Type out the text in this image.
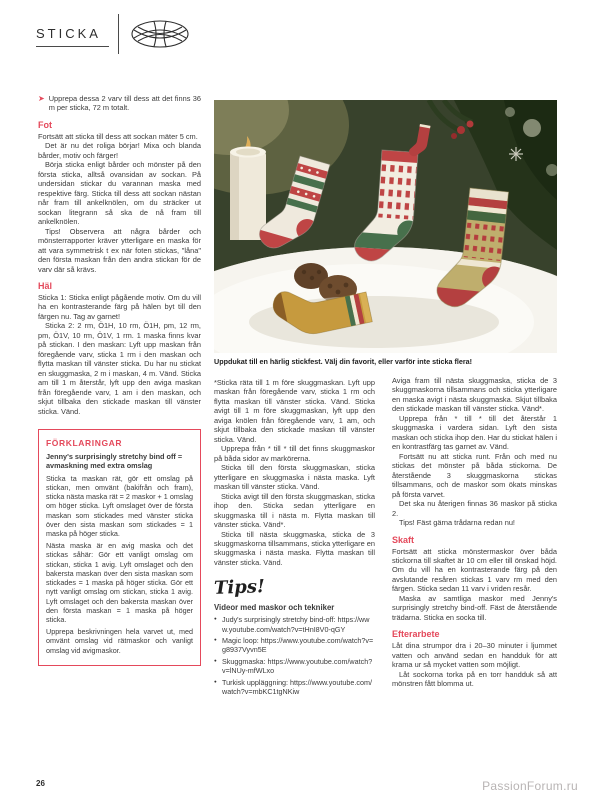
STICKA

➤ Upprepa dessa 2 varv till dess att det finns 36 m per sticka, 72 m totalt.

Fot

Fortsätt att sticka till dess att sockan mäter 5 cm.

Det är nu det roliga börjar! Mixa och blanda bårder, motiv och färger!

Börja sticka enligt bårder och mönster på den första sticka, alltså ovansidan av sockan. På undersidan stickar du varannan maska med respektive färg. Sticka till dess att sockan nästan når fram till ankelknölen, om du sträcker ut sockan litegrann så ska de nå fram till ankelknölen.

Tips! Observera att några bårder och mönsterrapporter kräver ytterligare en maska för att vara symmetrisk t ex när foten stickas, "låna" den första maskan från den andra stickan för de varv där så krävs.

Häl

Sticka 1: Sticka enligt pågående motiv. Om du vill ha en kontrasterande färg på hälen byt till den färgen nu. Tag av garnet!

Sticka 2: 2 rm, Ö1H, 10 rm, Ö1H, pm, 12 rm, pm, Ö1V, 10 rm, Ö1V, 1 rm. 1 maska finns kvar på stickan. I den maskan: Lyft upp maskan från föregående varv, sticka 1 rm i den maskan och flytta maskan till vänster sticka. Du har nu stickat en skuggmaska, 2 m i maskan, 4 m. Vänd. Sticka am till 1 m återstår, lyft upp den aviga maskan från föregående varv, 1 am i den maskan, och skjut tillbaka den stickade maskan till vänster sticka. Vänd.

FÖRKLARINGAR
Jenny's surprisingly stretchy bind off = avmaskning med extra omslag

Sticka ta maskan rät, gör ett omslag på stickan, men omvänt (bakifrån och fram), sticka nästa maska rät = 2 maskor + 1 omslag om höger sticka. Lyft omslaget över de första maskan som stickades med vänster sticka över den sista maskan som stickades = 1 maska på höger sticka.

Nästa maska är en avig maska och det stickas såhär: Gör ett vanligt omslag om stickan, sticka 1 avig. Lyft omslaget och den bakersta maskan över den sista maskan som stickades = 1 maska på höger sticka. Gör ett nytt vanligt omslag om stickan, sticka 1 avig. Lyft omslaget och den bakersta maskan över den första maskan = 1 maska på höger sticka.

Upprepa beskrivningen hela varvet ut, med omvänt omslag vid rätmaskor och vanligt omslag vid avigmaskor.

Uppdukat till en härlig stickfest. Välj din favorit, eller varför inte sticka flera!

*Sticka räta till 1 m före skuggmaskan. Lyft upp maskan från föregående varv, sticka 1 rm och flytta maskan till vänster sticka. Vänd. Sticka avigt till 1 m före skuggmaskan, lyft upp den aviga knölen från föregående varv, 1 am, och skjut tillbaka den stickade maskan till vänster sticka. Vänd.

Upprepa från * till * till det finns skuggmaskor på båda sidor av markörerna.

Sticka till den första skuggmaskan, sticka ytterligare en skuggmaska i nästa maska. Lyft maskan till vänster sticka. Vänd.

Sticka avigt till den första skuggmaskan, sticka ihop den. Sticka sedan ytterligare en skuggmaska till i nästa m. Flytta maskan till vänster sticka. Vänd*.

Sticka till nästa skuggmaska, sticka de 3 skuggmaskorna tillsammans, sticka ytterligare en skuggmaska i nästa maska. Flytta maskan till vänster sticka. Vänd.

Tips!
Videor med maskor och tekniker
● Judy's surprisingly stretchy bind-off: https://www.youtube.com/watch?v=tHnI8V0-qGY
● Magic loop: https://www.youtube.com/watch?v=g8937Vyvn5E
● Skuggmaska: https://www.youtube.com/watch?v=lNUy-mfWLxo
● Turkisk uppläggning: https://www.youtube.com/watch?v=mbKC1tgNKiw

Aviga fram till nästa skuggmaska, sticka de 3 skuggmaskorna tillsammans och sticka ytterligare en maska avigt i nästa skuggmaska. Skjut tillbaka den stickade maskan till vänster sticka. Vänd*.

Upprepa från * till * till det återstår 1 skuggmaska i vardera sidan. Lyft den sista maskan och sticka ihop den. Har du stickat hälen i en kontrastfärg tas garnet av. Vänd.

Fortsätt nu att sticka runt. Från och med nu stickas det mönster på båda stickorna. De återstående 3 skuggmaskorna stickas tillsammans, och de maskor som ökats minskas på första varvet.

Det ska nu återigen finnas 36 maskor på sticka 2.

Tips! Fäst gärna trådarna redan nu!

Skaft

Fortsätt att sticka mönstermaskor över båda stickorna till skaftet är 10 cm eller till önskad höjd. Om du vill ha en kontrasterande färg på den avslutande resåren stickas 1 varv rm med den färgen. Sticka sedan 11 varv i vriden resår.

Maska av samtliga maskor med Jenny's surprisingly stretchy bind-off. Fäst de återstående trädarna. Sticka en socka till.

Efterarbete

Låt dina strumpor dra i 20–30 minuter i ljummet vatten och använd sedan en handduk för att krama ur så mycket vatten som möjligt.

Låt sockorna torka på en torr handduk så att mönstren fått blomma ut.

26	PassionForum.ru
